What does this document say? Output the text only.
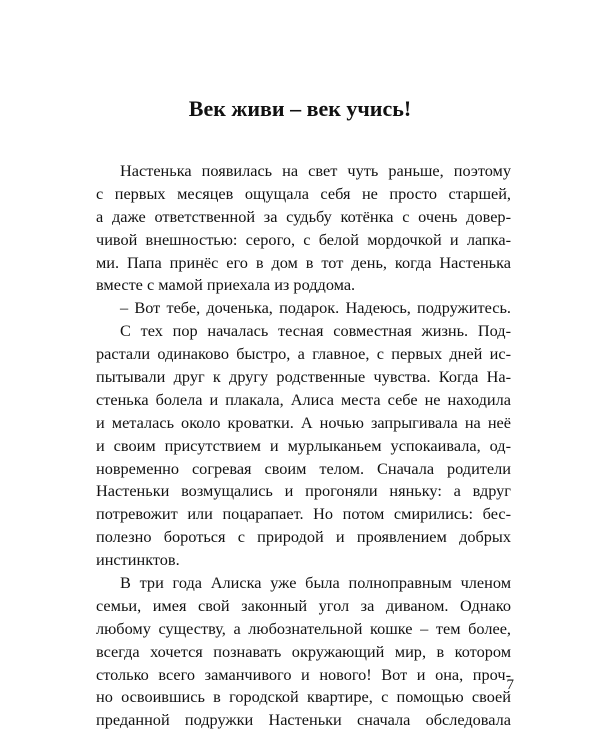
Век живи – век учись!
Настенька появилась на свет чуть раньше, поэтому
с первых месяцев ощущала себя не просто старшей,
а даже ответственной за судьбу котёнка с очень довер-
чивой внешностью: серого, с белой мордочкой и лапка-
ми. Папа принёс его в дом в тот день, когда Настенька
вместе с мамой приехала из роддома.
– Вот тебе, доченька, подарок. Надеюсь, подружитесь.
С тех пор началась тесная совместная жизнь. Под-
растали одинаково быстро, а главное, с первых дней ис-
пытывали друг к другу родственные чувства. Когда На-
стенька болела и плакала, Алиса места себе не находила
и металась около кроватки. А ночью запрыгивала на неё
и своим присутствием и мурлыканьем успокаивала, од-
новременно согревая своим телом. Сначала родители
Настеньки возмущались и прогоняли няньку: а вдруг
потревожит или поцарапает. Но потом смирились: бес-
полезно бороться с природой и проявлением добрых
инстинктов.
В три года Алиска уже была полноправным членом
семьи, имея свой законный угол за диваном. Однако
любому существу, а любознательной кошке – тем более,
всегда хочется познавать окружающий мир, в котором
столько всего заманчивого и нового! Вот и она, проч-
но освоившись в городской квартире, с помощью своей
преданной подружки Настеньки сначала обследовала
7
